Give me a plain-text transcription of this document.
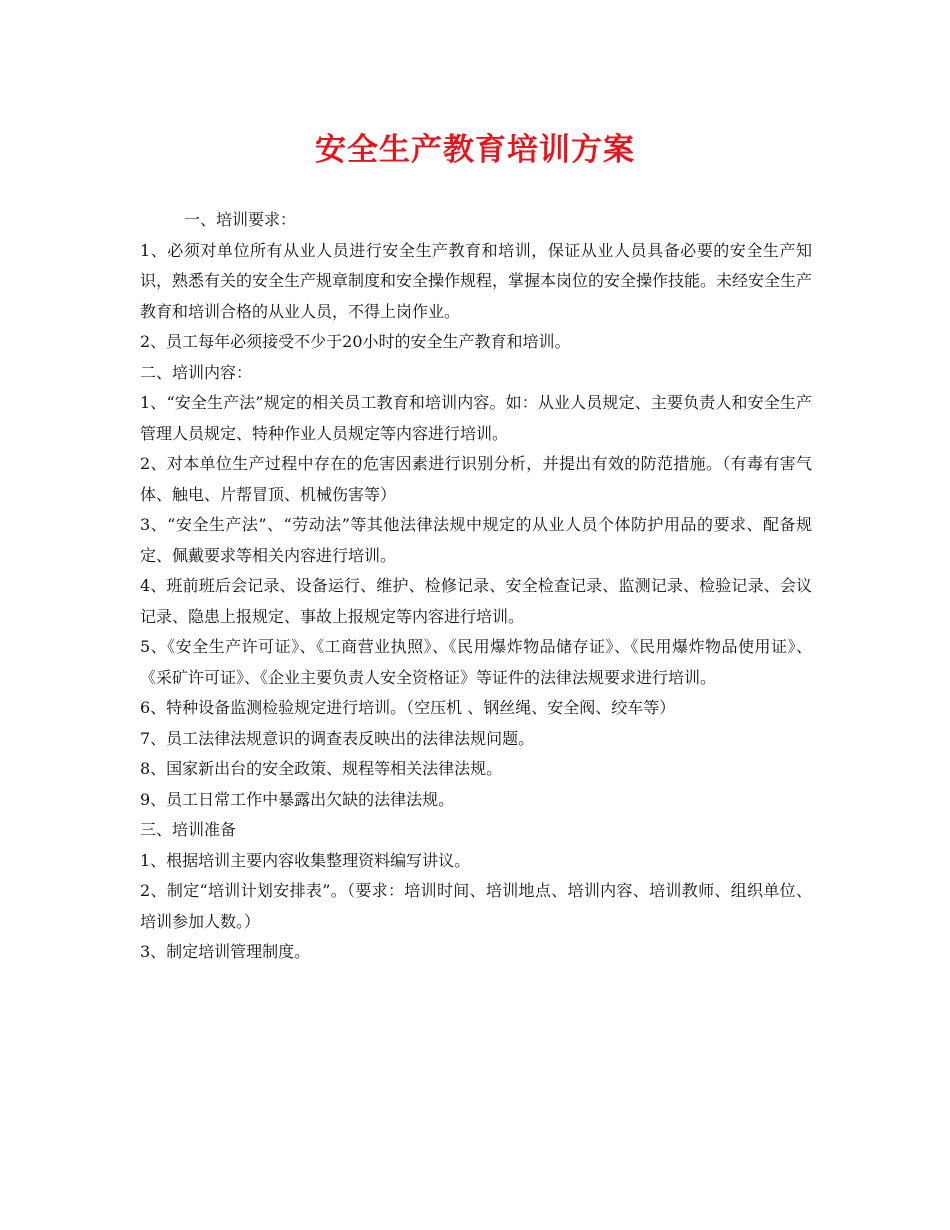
安全生产教育培训方案

一、培训要求：

1、必须对单位所有从业人员进行安全生产教育和培训，保证从业人员具备必要的安全生产知识，熟悉有关的安全生产规章制度和安全操作规程，掌握本岗位的安全操作技能。未经安全生产教育和培训合格的从业人员，不得上岗作业。

2、员工每年必须接受不少于20小时的安全生产教育和培训。

二、培训内容：

1、“安全生产法”规定的相关员工教育和培训内容。如：从业人员规定、主要负责人和安全生产管理人员规定、特种作业人员规定等内容进行培训。

2、对本单位生产过程中存在的危害因素进行识别分析，并提出有效的防范措施。（有毒有害气体、触电、片帮冒顶、机械伤害等）

3、“安全生产法”、“劳动法”等其他法律法规中规定的从业人员个体防护用品的要求、配备规定、佩戴要求等相关内容进行培训。

4、班前班后会记录、设备运行、维护、检修记录、安全检查记录、监测记录、检验记录、会议记录、隐患上报规定、事故上报规定等内容进行培训。

5、《安全生产许可证》、《工商营业执照》、《民用爆炸物品储存证》、《民用爆炸物品使用证》、《采矿许可证》、《企业主要负责人安全资格证》等证件的法律法规要求进行培训。

6、特种设备监测检验规定进行培训。（空压机 、钢丝绳、安全阀、绞车等）

7、员工法律法规意识的调查表反映出的法律法规问题。

8、国家新出台的安全政策、规程等相关法律法规。

9、员工日常工作中暴露出欠缺的法律法规。

三、培训准备

1、根据培训主要内容收集整理资料编写讲议。

2、制定“培训计划安排表”。（要求：培训时间、培训地点、培训内容、培训教师、组织单位、培训参加人数。）

3、制定培训管理制度。
